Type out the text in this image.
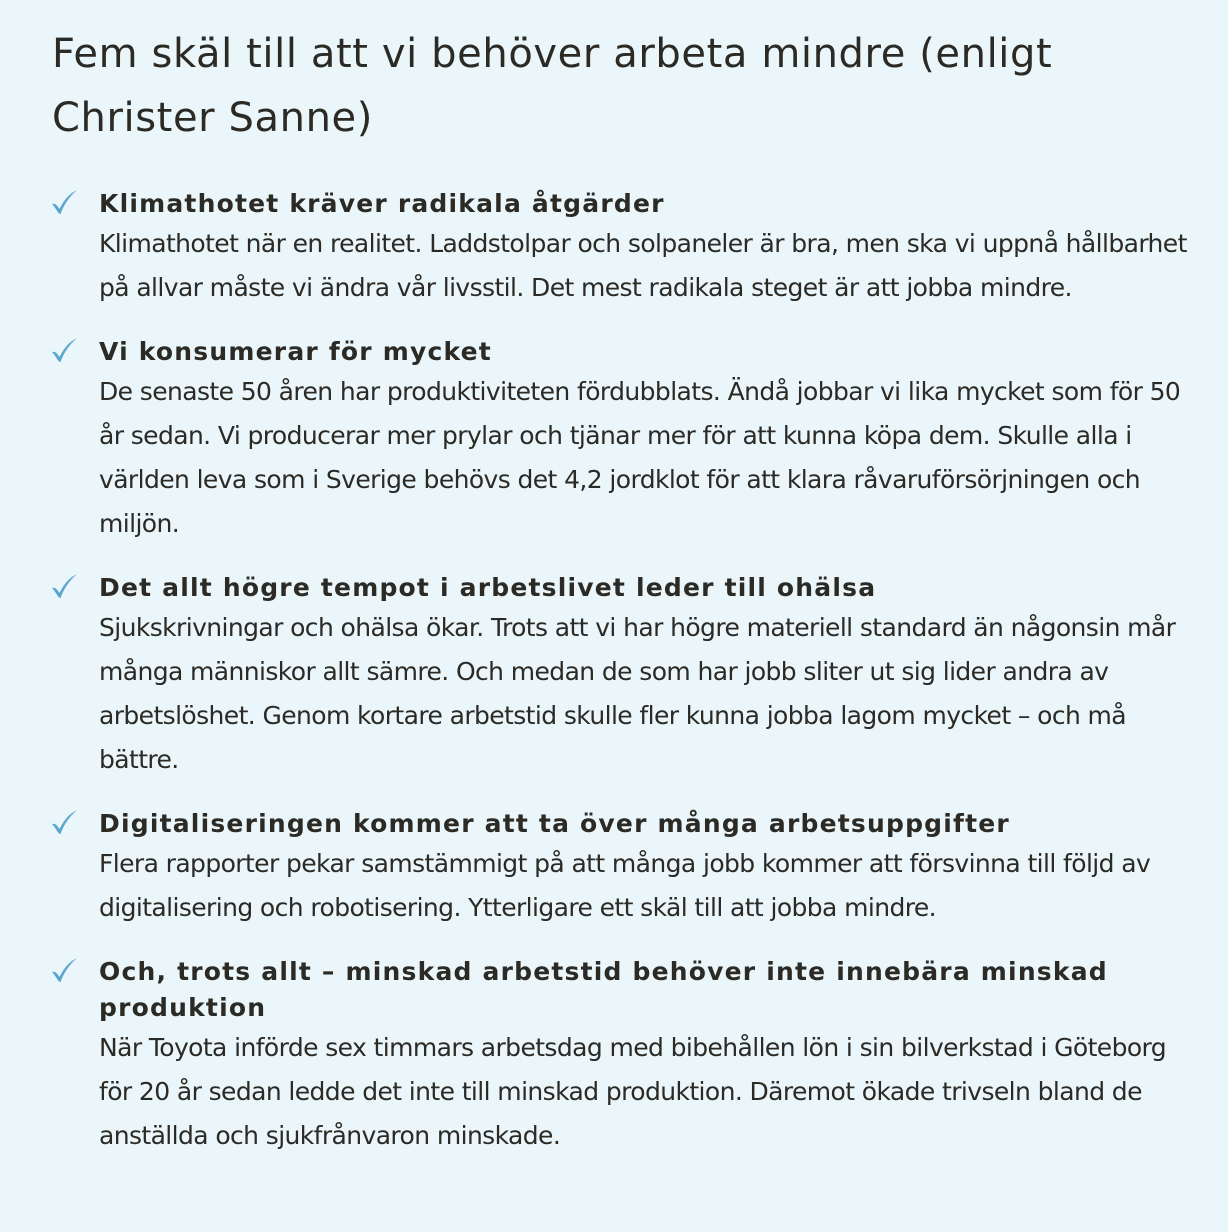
Fem skäl till att vi behöver arbeta mindre (enligt Christer Sanne)
Klimathotet kräver radikala åtgärder

Klimathotet när en realitet. Laddstolpar och solpaneler är bra, men ska vi uppnå hållbarhet på allvar måste vi ändra vår livsstil. Det mest radikala steget är att jobba mindre.

Vi konsumerar för mycket

De senaste 50 åren har produktiviteten fördubblats. Ändå jobbar vi lika mycket som för 50 år sedan. Vi producerar mer prylar och tjänar mer för att kunna köpa dem. Skulle alla i världen leva som i Sverige behövs det 4,2 jordklot för att klara råvaruförsörjningen och miljön.

Det allt högre tempot i arbetslivet leder till ohälsa

Sjukskrivningar och ohälsa ökar. Trots att vi har högre materiell standard än någonsin mår många människor allt sämre. Och medan de som har jobb sliter ut sig lider andra av arbetslöshet. Genom kortare arbetstid skulle fler kunna jobba lagom mycket – och må bättre.

Digitaliseringen kommer att ta över många arbetsuppgifter

Flera rapporter pekar samstämmigt på att många jobb kommer att försvinna till följd av digitalisering och robotisering. Ytterligare ett skäl till att jobba mindre.

Och, trots allt – minskad arbetstid behöver inte innebära minskad produktion

När Toyota införde sex timmars arbetsdag med bibehållen lön i sin bilverkstad i Göteborg för 20 år sedan ledde det inte till minskad produktion. Däremot ökade trivseln bland de anställda och sjukfrånvaron minskade.
